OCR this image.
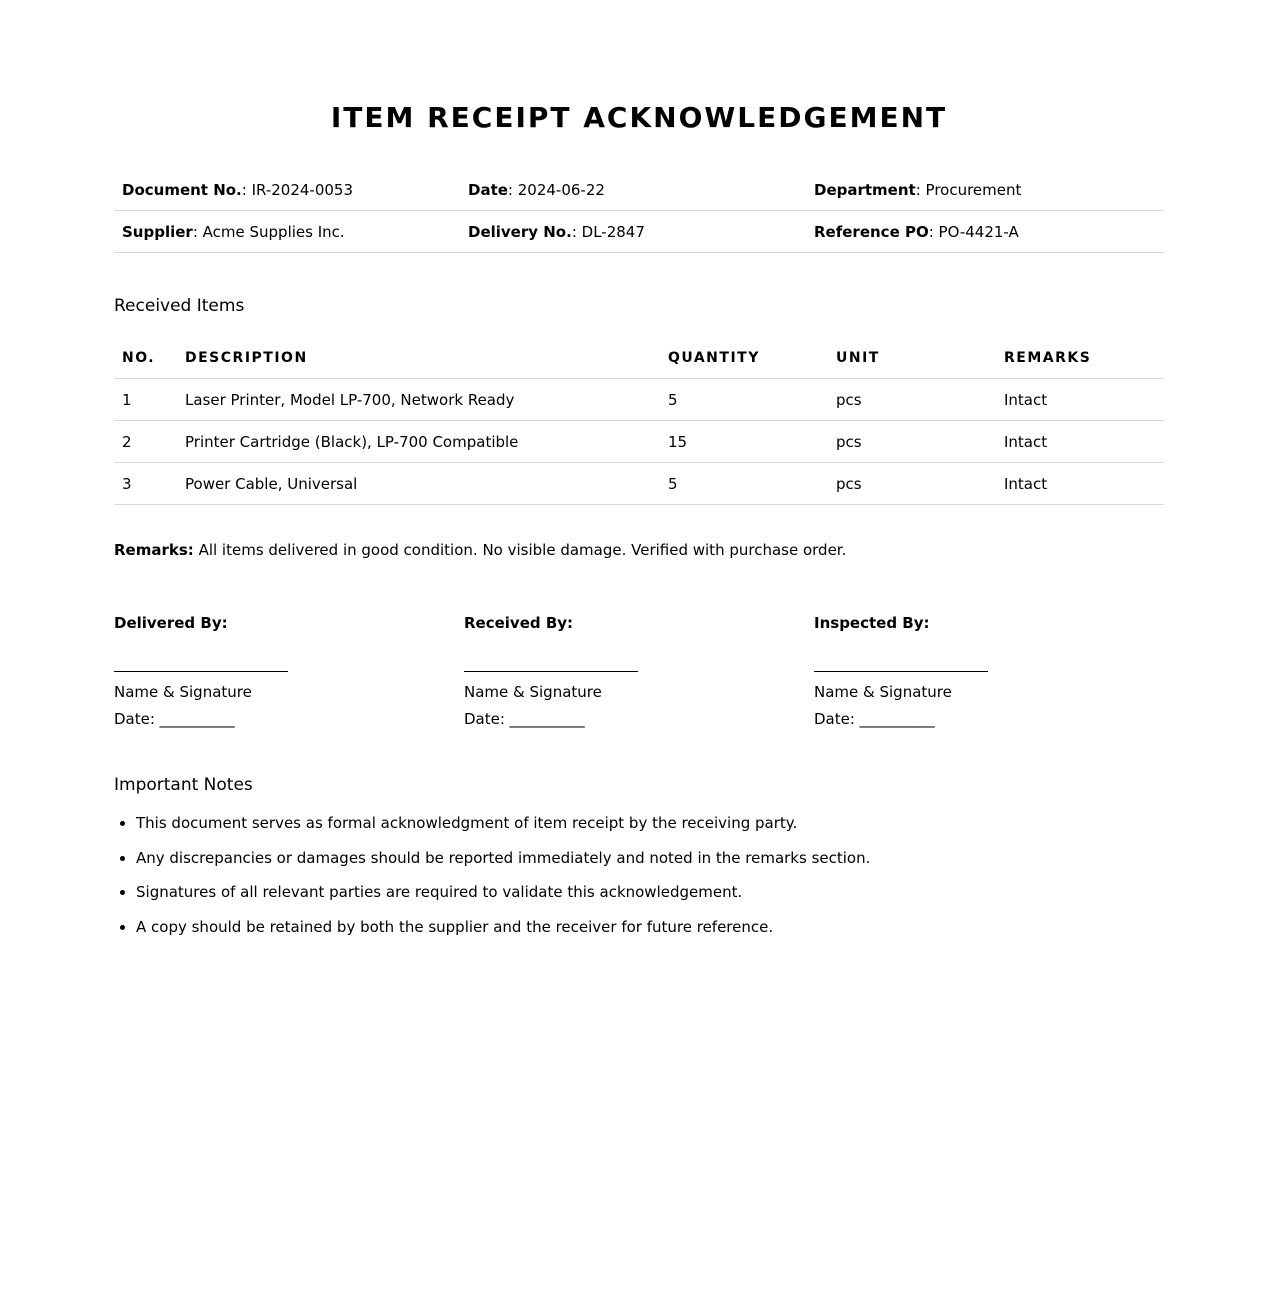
ITEM RECEIPT ACKNOWLEDGEMENT
Document No.: IR-2024-0053	Date: 2024-06-22	Department: Procurement
Supplier: Acme Supplies Inc.	Delivery No.: DL-2847	Reference PO: PO-4421-A
Received Items
NO.	DESCRIPTION	QUANTITY	UNIT	REMARKS
1	Laser Printer, Model LP-700, Network Ready	5	pcs	Intact
2	Printer Cartridge (Black), LP-700 Compatible	15	pcs	Intact
3	Power Cable, Universal	5	pcs	Intact
Remarks: All items delivered in good condition. No visible damage. Verified with purchase order.
Delivered By:
Name & Signature
Date: __________
Received By:
Name & Signature
Date: __________
Inspected By:
Name & Signature
Date: __________
Important Notes
• This document serves as formal acknowledgment of item receipt by the receiving party.
• Any discrepancies or damages should be reported immediately and noted in the remarks section.
• Signatures of all relevant parties are required to validate this acknowledgement.
• A copy should be retained by both the supplier and the receiver for future reference.
